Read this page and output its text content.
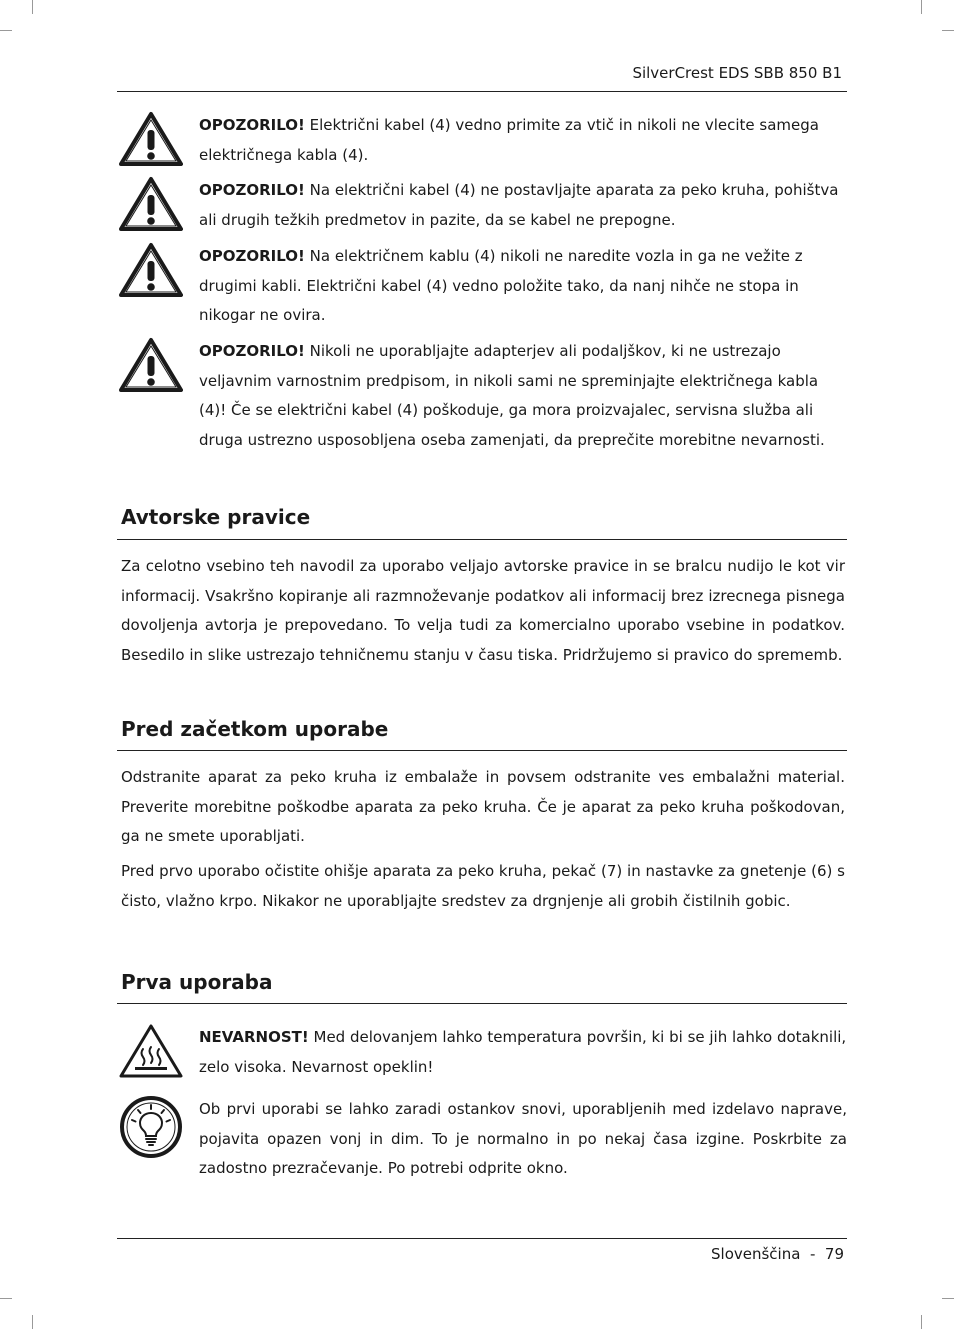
SilverCrest EDS SBB 850 B1
OPOZORILO! Električni kabel (4) vedno primite za vtič in nikoli ne vlecite samega električnega kabla (4).
OPOZORILO! Na električni kabel (4) ne postavljajte aparata za peko kruha, pohištva ali drugih težkih predmetov in pazite, da se kabel ne prepogne.
OPOZORILO! Na električnem kablu (4) nikoli ne naredite vozla in ga ne vežite z drugimi kabli. Električni kabel (4) vedno položite tako, da nanj nihče ne stopa in nikogar ne ovira.
OPOZORILO! Nikoli ne uporabljajte adapterjev ali podaljškov, ki ne ustrezajo veljavnim varnostnim predpisom, in nikoli sami ne spreminjajte električnega kabla (4)! Če se električni kabel (4) poškoduje, ga mora proizvajalec, servisna služba ali druga ustrezno usposobljena oseba zamenjati, da preprečite morebitne nevarnosti.
Avtorske pravice
Za celotno vsebino teh navodil za uporabo veljajo avtorske pravice in se bralcu nudijo le kot vir informacij. Vsakršno kopiranje ali razmnoževanje podatkov ali informacij brez izrecnega pisnega dovoljenja avtorja je prepovedano. To velja tudi za komercialno uporabo vsebine in podatkov. Besedilo in slike ustrezajo tehničnemu stanju v času tiska. Pridržujemo si pravico do sprememb.
Pred začetkom uporabe
Odstranite aparat za peko kruha iz embalaže in povsem odstranite ves embalažni material. Preverite morebitne poškodbe aparata za peko kruha. Če je aparat za peko kruha poškodovan, ga ne smete uporabljati.
Pred prvo uporabo očistite ohišje aparata za peko kruha, pekač (7) in nastavke za gnetenje (6) s čisto, vlažno krpo. Nikakor ne uporabljajte sredstev za drgnjenje ali grobih čistilnih gobic.
Prva uporaba
NEVARNOST! Med delovanjem lahko temperatura površin, ki bi se jih lahko dotaknili, zelo visoka. Nevarnost opeklin!
Ob prvi uporabi se lahko zaradi ostankov snovi, uporabljenih med izdelavo naprave, pojavita opazen vonj in dim. To je normalno in po nekaj časa izgine. Poskrbite za zadostno prezračevanje. Po potrebi odprite okno.
Slovenščina  -  79
